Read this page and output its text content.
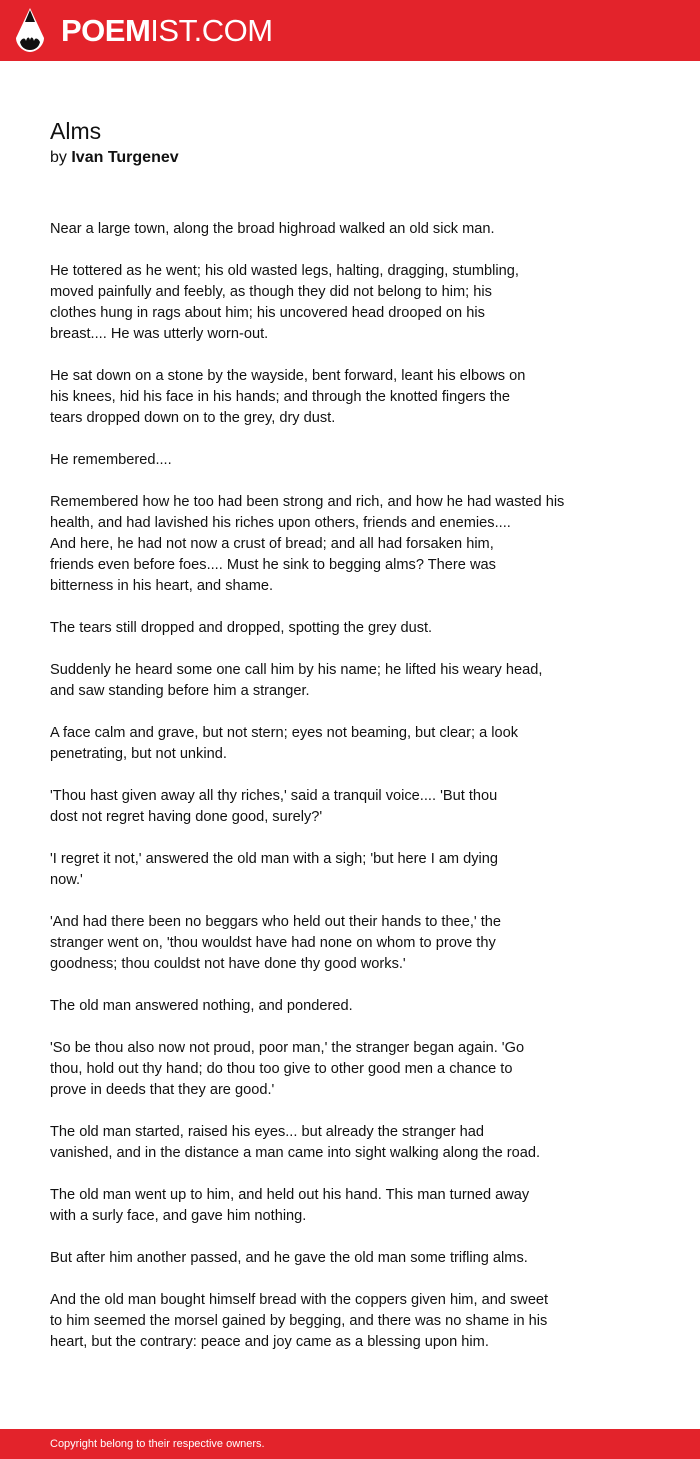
POEMIST.COM
Alms
by Ivan Turgenev

Near a large town, along the broad highroad walked an old sick man.

He tottered as he went; his old wasted legs, halting, dragging, stumbling,
moved painfully and feebly, as though they did not belong to him; his
clothes hung in rags about him; his uncovered head drooped on his
breast.... He was utterly worn-out.

He sat down on a stone by the wayside, bent forward, leant his elbows on
his knees, hid his face in his hands; and through the knotted fingers the
tears dropped down on to the grey, dry dust.

He remembered....

Remembered how he too had been strong and rich, and how he had wasted his
health, and had lavished his riches upon others, friends and enemies....
And here, he had not now a crust of bread; and all had forsaken him,
friends even before foes.... Must he sink to begging alms? There was
bitterness in his heart, and shame.

The tears still dropped and dropped, spotting the grey dust.

Suddenly he heard some one call him by his name; he lifted his weary head,
and saw standing before him a stranger.

A face calm and grave, but not stern; eyes not beaming, but clear; a look
penetrating, but not unkind.

'Thou hast given away all thy riches,' said a tranquil voice.... 'But thou
dost not regret having done good, surely?'

'I regret it not,' answered the old man with a sigh; 'but here I am dying
now.'

'And had there been no beggars who held out their hands to thee,' the
stranger went on, 'thou wouldst have had none on whom to prove thy
goodness; thou couldst not have done thy good works.'

The old man answered nothing, and pondered.

'So be thou also now not proud, poor man,' the stranger began again. 'Go
thou, hold out thy hand; do thou too give to other good men a chance to
prove in deeds that they are good.'

The old man started, raised his eyes... but already the stranger had
vanished, and in the distance a man came into sight walking along the road.

The old man went up to him, and held out his hand. This man turned away
with a surly face, and gave him nothing.

But after him another passed, and he gave the old man some trifling alms.

And the old man bought himself bread with the coppers given him, and sweet
to him seemed the morsel gained by begging, and there was no shame in his
heart, but the contrary: peace and joy came as a blessing upon him.

Copyright belong to their respective owners.
